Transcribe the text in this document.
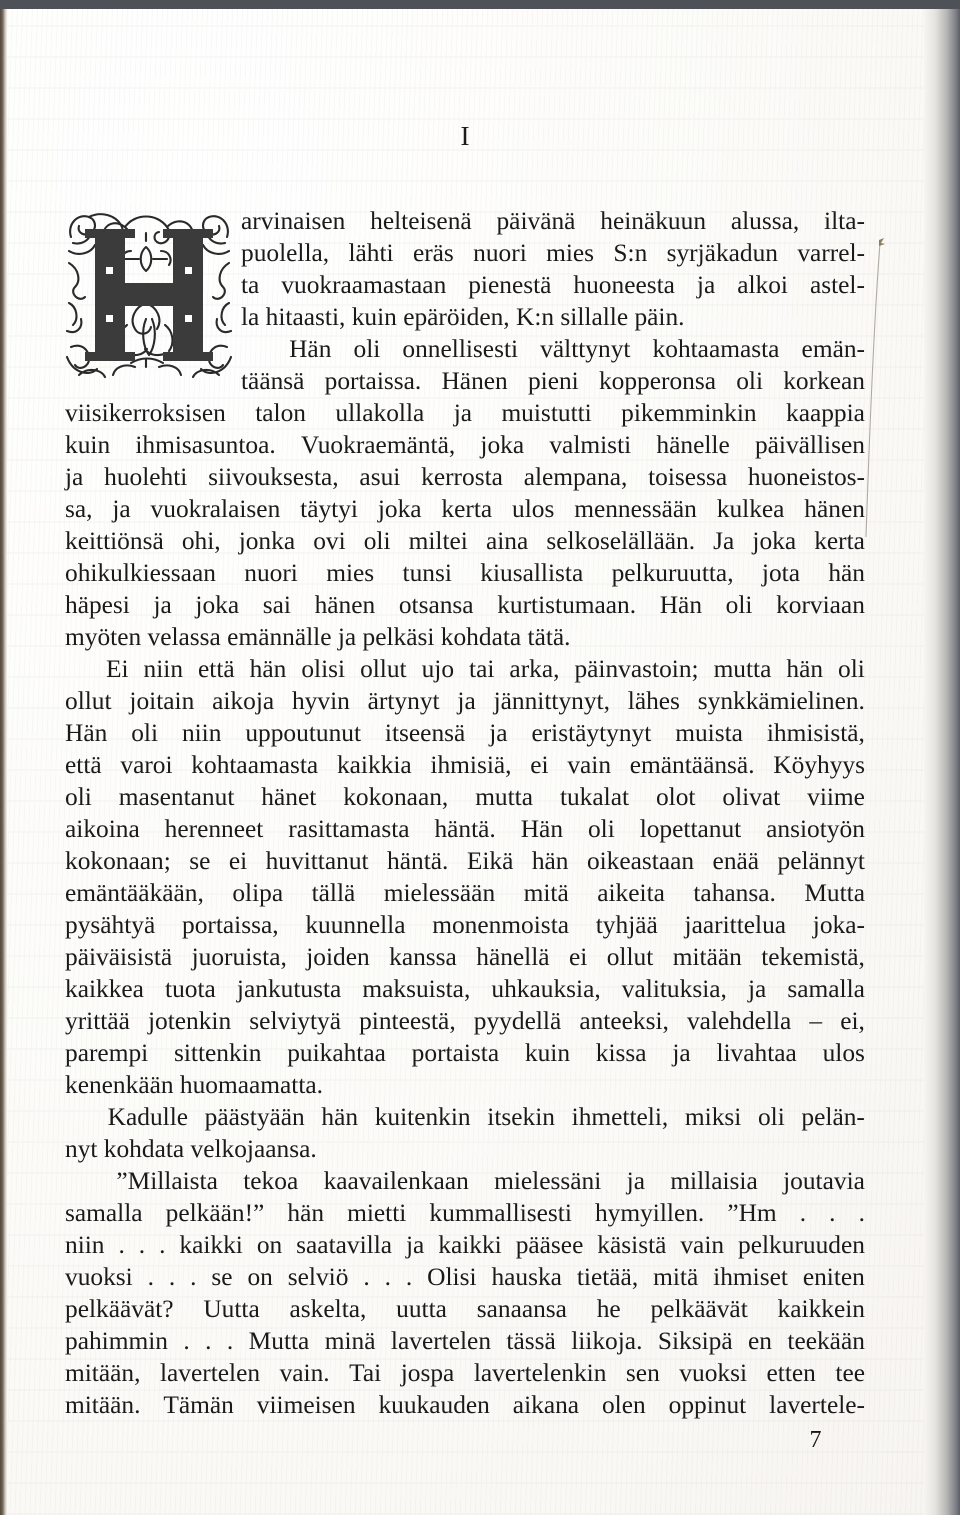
I

arvinaisen helteisenä päivänä heinäkuun alussa, ilta-
puolella, lähti eräs nuori mies S:n syrjäkadun varrel-
ta vuokraamastaan pienestä huoneesta ja alkoi astel-
la hitaasti, kuin epäröiden, K:n sillalle päin.

Hän oli onnellisesti välttynyt kohtaamasta emän-
täänsä portaissa. Hänen pieni kopperonsa oli korkean
viisikerroksisen talon ullakolla ja muistutti pikemminkin kaappia
kuin ihmisasuntoa. Vuokraemäntä, joka valmisti hänelle päivällisen
ja huolehti siivouksesta, asui kerrosta alempana, toisessa huoneistos-
sa, ja vuokralaisen täytyi joka kerta ulos mennessään kulkea hänen
keittiönsä ohi, jonka ovi oli miltei aina selkoselällään. Ja joka kerta
ohikulkiessaan nuori mies tunsi kiusallista pelkuruutta, jota hän
häpesi ja joka sai hänen otsansa kurtistumaan. Hän oli korviaan
myöten velassa emännälle ja pelkäsi kohdata tätä.

Ei niin että hän olisi ollut ujo tai arka, päinvastoin; mutta hän oli
ollut joitain aikoja hyvin ärtynyt ja jännittynyt, lähes synkkämielinen.
Hän oli niin uppoutunut itseensä ja eristäytynyt muista ihmisistä,
että varoi kohtaamasta kaikkia ihmisiä, ei vain emäntäänsä. Köyhyys
oli masentanut hänet kokonaan, mutta tukalat olot olivat viime
aikoina herenneet rasittamasta häntä. Hän oli lopettanut ansiotyön
kokonaan; se ei huvittanut häntä. Eikä hän oikeastaan enää pelännyt
emäntääkään, olipa tällä mielessään mitä aikeita tahansa. Mutta
pysähtyä portaissa, kuunnella monenmoista tyhjää jaarittelua joka-
päiväisistä juoruista, joiden kanssa hänellä ei ollut mitään tekemistä,
kaikkea tuota jankutusta maksuista, uhkauksia, valituksia, ja samalla
yrittää jotenkin selviytyä pinteestä, pyydellä anteeksi, valehdella – ei,
parempi sittenkin puikahtaa portaista kuin kissa ja livahtaa ulos
kenenkään huomaamatta.

Kadulle päästyään hän kuitenkin itsekin ihmetteli, miksi oli pelän-
nyt kohdata velkojaansa.

”Millaista tekoa kaavailenkaan mielessäni ja millaisia joutavia
samalla pelkään!” hän mietti kummallisesti hymyillen. ”Hm . . .
niin . . . kaikki on saatavilla ja kaikki pääsee käsistä vain pelkuruuden
vuoksi . . . se on selviö . . . Olisi hauska tietää, mitä ihmiset eniten
pelkäävät? Uutta askelta, uutta sanaansa he pelkäävät kaikkein
pahimmin . . . Mutta minä lavertelen tässä liikoja. Siksipä en teekään
mitään, lavertelen vain. Tai jospa lavertelenkin sen vuoksi etten tee
mitään. Tämän viimeisen kuukauden aikana olen oppinut lavertele-

7
